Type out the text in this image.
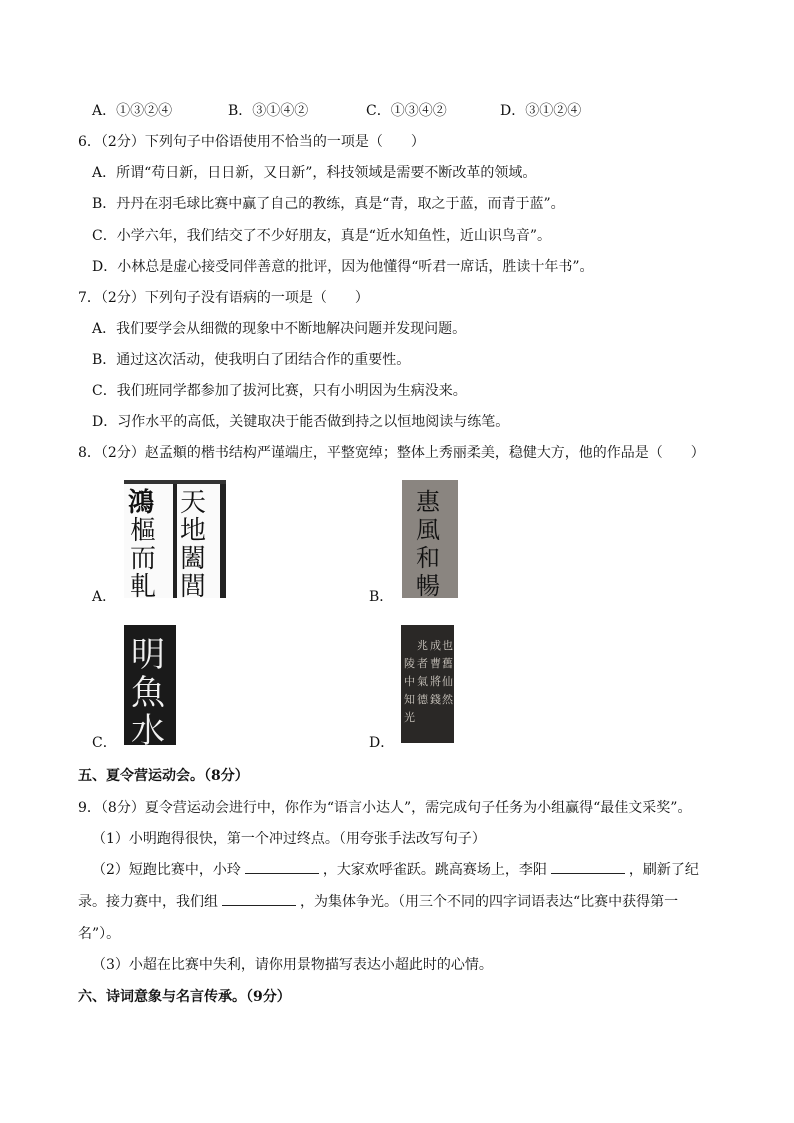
A．①③②④	B．③①④②	C．①③④②	D．③①②④
6．（2分）下列句子中俗语使用不恰当的一项是（　　）
A．所谓“苟日新，日日新，又日新”，科技领域是需要不断改革的领域。
B．丹丹在羽毛球比赛中赢了自己的教练，真是“青，取之于蓝，而青于蓝”。
C．小学六年，我们结交了不少好朋友，真是“近水知鱼性，近山识鸟音”。
D．小林总是虚心接受同伴善意的批评，因为他懂得“听君一席话，胜读十年书”。
7．（2分）下列句子没有语病的一项是（　　）
A．我们要学会从细微的现象中不断地解决问题并发现问题。
B．通过这次活动，使我明白了团结合作的重要性。
C．我们班同学都参加了拔河比赛，只有小明因为生病没来。
D．习作水平的高低，关键取决于能否做到持之以恒地阅读与练笔。
8．（2分）赵孟頫的楷书结构严谨端庄，平整宽绰；整体上秀丽柔美，稳健大方，他的作品是（　　）
鴻
樞
而
軋
天
地
闔
閭
A．
惠
風
和
暢
B．
明
魚
水
C．
陵
中
知
光
兆
者
氣
德
成
曹
將
錢
也
舊
仙
然
D．
五、夏令营运动会。（8分）
9．（8分）夏令营运动会进行中，你作为“语言小达人”，需完成句子任务为小组赢得“最佳文采奖”。
（1）小明跑得很快，第一个冲过终点。（用夸张手法改写句子）
（2）短跑比赛中，小玲	，大家欢呼雀跃。跳高赛场上，李阳	，刷新了纪
录。接力赛中，我们组	，为集体争光。（用三个不同的四字词语表达“比赛中获得第一
名”）。
（3）小超在比赛中失利，请你用景物描写表达小超此时的心情。
六、诗词意象与名言传承。（9分）
